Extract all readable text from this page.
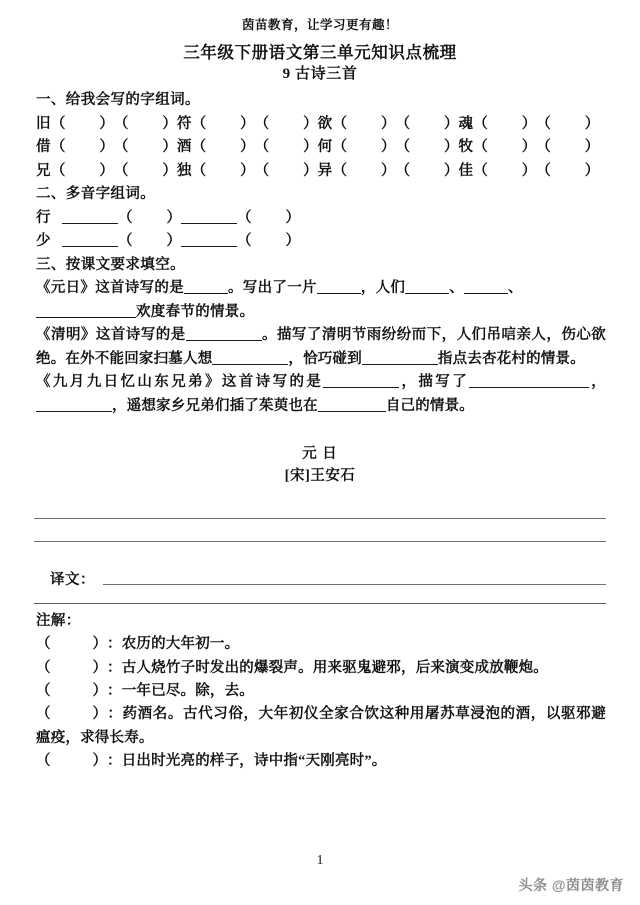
茵苗教育，让学习更有趣！
三年级下册语文第三单元知识点梳理
9 古诗三首
一、给我会写的字组词。
旧（ ）（ ）符（ ）（ ）欲（ ）（ ）魂（ ）（ ）
借（ ）（ ）酒（ ）（ ）何（ ）（ ）牧（ ）（ ）
兄（ ）（ ）独（ ）（ ）异（ ）（ ）佳（ ）（ ）
二、多音字组词。
行	（ ）	（ ）
少	（ ）	（ ）
三、按课文要求填空。
《元日》这首诗写的是	。写出了一片	，人们	、	、
欢度春节的情景。
《清明》这首诗写的是	。描写了清明节雨纷纷而下，人们吊唁亲人，伤心欲绝。在外不能回家扫墓人想	，恰巧碰到	指点去杏花村的情景。
《九月九日忆山东兄弟》这首诗写的是	，描写了	，，遥想家乡兄弟们插了茱萸也在	自己的情景。
元 日
[宋]王安石
译文：
注解：
（	）：农历的大年初一。
（	）：古人烧竹子时发出的爆裂声。用来驱鬼避邪，后来演变成放鞭炮。
（	）：一年已尽。除，去。
（	）：药酒名。古代习俗，大年初仪全家合饮这种用屠苏草浸泡的酒，以驱邪避瘟疫，求得长寿。
（	）：日出时光亮的样子，诗中指“天刚亮时”。
1
头条 @茵茵教育
